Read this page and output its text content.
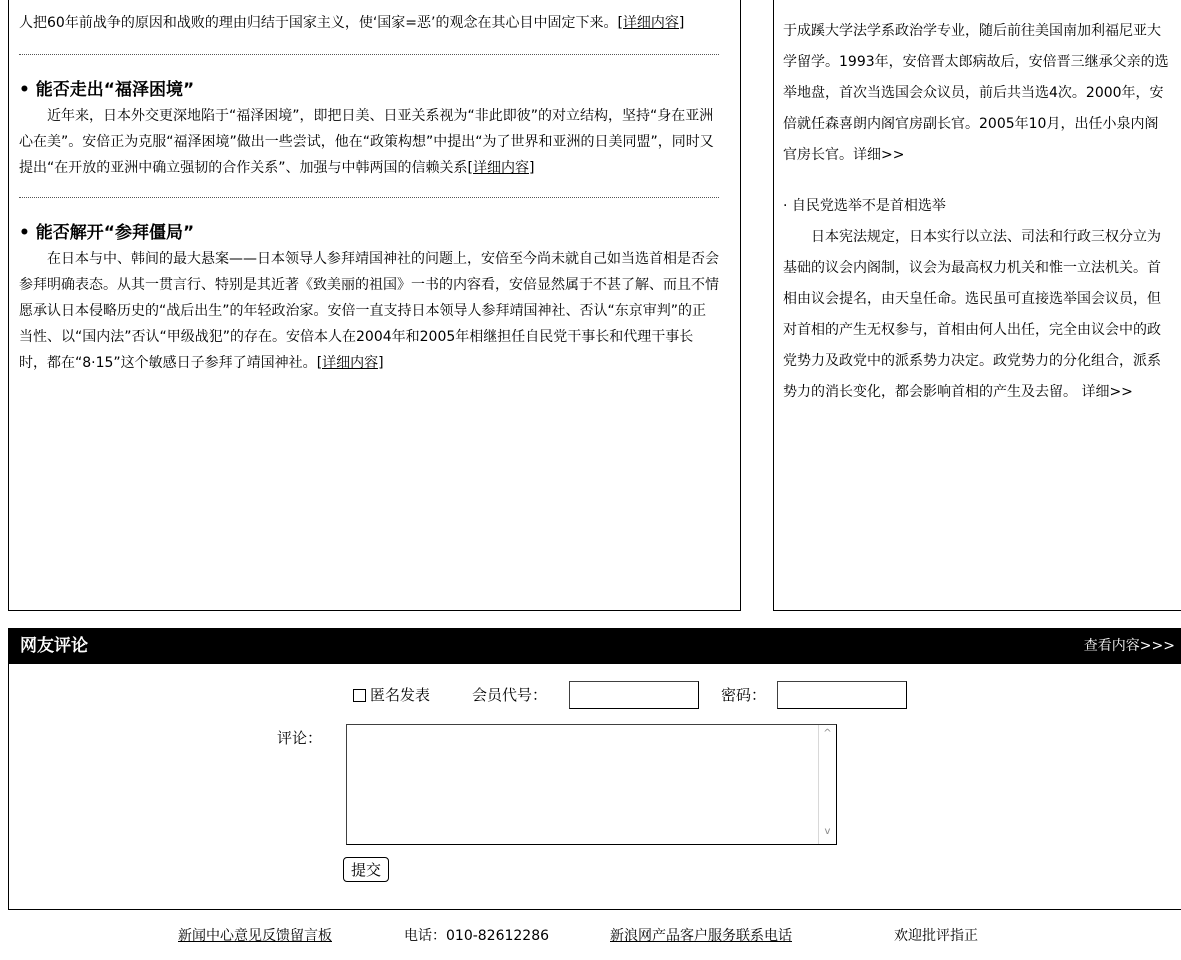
人把60年前战争的原因和战败的理由归结于国家主义，使‘国家=恶’的观念在其心目中固定下来。[详细内容]

• 能否走出“福泽困境”

近年来，日本外交更深地陷于“福泽困境”，即把日美、日亚关系视为“非此即彼”的对立结构，坚持“身在亚洲心在美”。安倍正为克服“福泽困境”做出一些尝试，他在“政策构想”中提出“为了世界和亚洲的日美同盟”，同时又提出“在开放的亚洲中确立强韧的合作关系”、加强与中韩两国的信赖关系[详细内容]

• 能否解开“参拜僵局”

在日本与中、韩间的最大悬案——日本领导人参拜靖国神社的问题上，安倍至今尚未就自己如当选首相是否会参拜明确表态。从其一贯言行、特别是其近著《致美丽的祖国》一书的内容看，安倍显然属于不甚了解、而且不情愿承认日本侵略历史的“战后出生”的年轻政治家。安倍一直支持日本领导人参拜靖国神社、否认“东京审判”的正当性、以“国内法”否认“甲级战犯”的存在。安倍本人在2004年和2005年相继担任自民党干事长和代理干事长时，都在“8·15”这个敏感日子参拜了靖国神社。[详细内容]

于成蹊大学法学系政治学专业，随后前往美国南加利福尼亚大学留学。1993年，安倍晋太郎病故后，安倍晋三继承父亲的选举地盘，首次当选国会众议员，前后共当选4次。2000年，安倍就任森喜朗内阁官房副长官。2005年10月，出任小泉内阁官房长官。详细>>

· 自民党选举不是首相选举

日本宪法规定，日本实行以立法、司法和行政三权分立为基础的议会内阁制，议会为最高权力机关和惟一立法机关。首相由议会提名，由天皇任命。选民虽可直接选举国会议员，但对首相的产生无权参与，首相由何人出任，完全由议会中的政党势力及政党中的派系势力决定。政党势力的分化组合，派系势力的消长变化，都会影响首相的产生及去留。 详细>>

网友评论	查看内容>>>
匿名发表	会员代号：	密码：
评论：	^
v
提交
新闻中心意见反馈留言板	电话：010-82612286	新浪网产品客户服务联系电话	欢迎批评指正
